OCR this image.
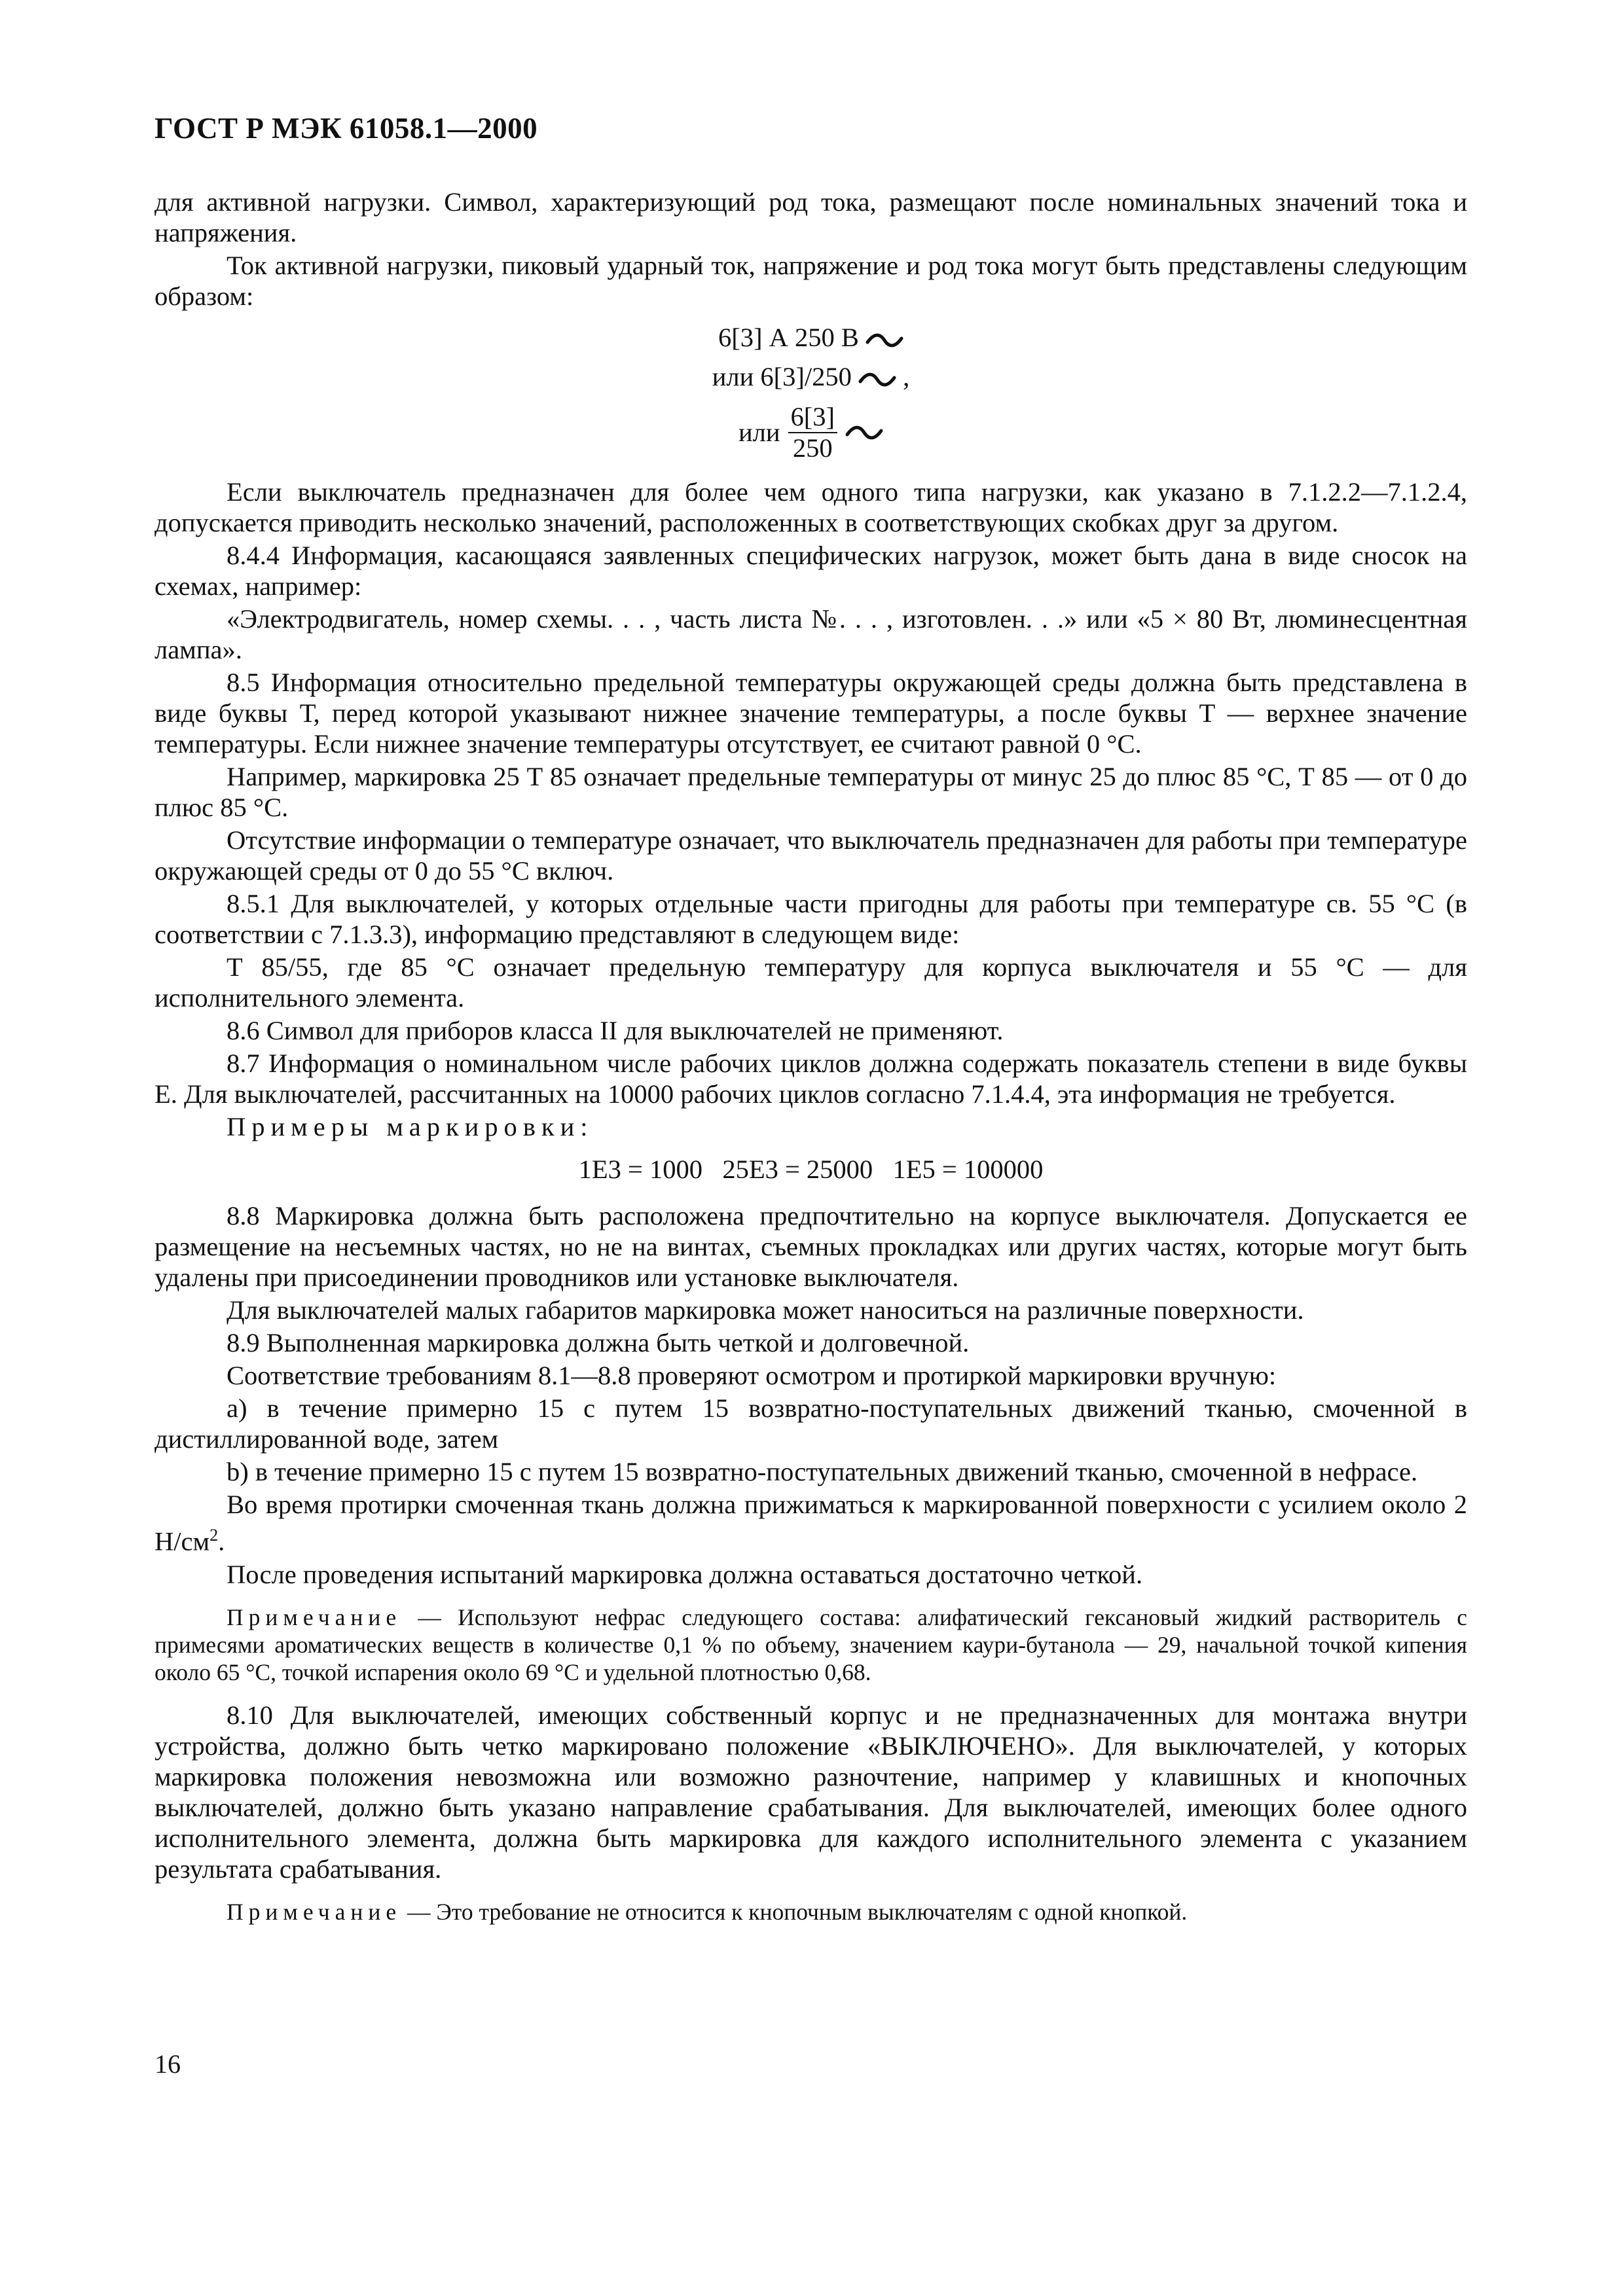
ГОСТ Р МЭК 61058.1—2000

для активной нагрузки. Символ, характеризующий род тока, размещают после номинальных значений тока и напряжения.

Ток активной нагрузки, пиковый ударный ток, напряжение и род тока могут быть представлены следующим образом:

6[3] А 250 В
или 6[3]/250 ,
или $\frac{6[3]}{250}$

Если выключатель предназначен для более чем одного типа нагрузки, как указано в 7.1.2.2—7.1.2.4, допускается приводить несколько значений, расположенных в соответствующих скобках друг за другом.

8.4.4 Информация, касающаяся заявленных специфических нагрузок, может быть дана в виде сносок на схемах, например:

«Электродвигатель, номер схемы. . . , часть листа №. . . , изготовлен. . .» или «5 × 80 Вт, люминесцентная лампа».

8.5 Информация относительно предельной температуры окружающей среды должна быть представлена в виде буквы Т, перед которой указывают нижнее значение температуры, а после буквы Т — верхнее значение температуры. Если нижнее значение температуры отсутствует, ее считают равной 0 °С.

Например, маркировка 25 Т 85 означает предельные температуры от минус 25 до плюс 85 °С, Т 85 — от 0 до плюс 85 °С.

Отсутствие информации о температуре означает, что выключатель предназначен для работы при температуре окружающей среды от 0 до 55 °С включ.

8.5.1 Для выключателей, у которых отдельные части пригодны для работы при температуре св. 55 °С (в соответствии с 7.1.3.3), информацию представляют в следующем виде:

Т 85/55, где 85 °С означает предельную температуру для корпуса выключателя и 55 °С — для исполнительного элемента.

8.6 Символ для приборов класса II для выключателей не применяют.

8.7 Информация о номинальном числе рабочих циклов должна содержать показатель степени в виде буквы Е. Для выключателей, рассчитанных на 10000 рабочих циклов согласно 7.1.4.4, эта информация не требуется.

Примеры маркировки:

1Е3 = 1000   25Е3 = 25000   1Е5 = 100000

8.8 Маркировка должна быть расположена предпочтительно на корпусе выключателя. Допускается ее размещение на несъемных частях, но не на винтах, съемных прокладках или других частях, которые могут быть удалены при присоединении проводников или установке выключателя.

Для выключателей малых габаритов маркировка может наноситься на различные поверхности.

8.9 Выполненная маркировка должна быть четкой и долговечной.

Соответствие требованиям 8.1—8.8 проверяют осмотром и протиркой маркировки вручную:

a) в течение примерно 15 с путем 15 возвратно-поступательных движений тканью, смоченной в дистиллированной воде, затем

b) в течение примерно 15 с путем 15 возвратно-поступательных движений тканью, смоченной в нефрасе.

Во время протирки смоченная ткань должна прижиматься к маркированной поверхности с усилием около 2 $Н/см^2$.

После проведения испытаний маркировка должна оставаться достаточно четкой.

Примечание — Используют нефрас следующего состава: алифатический гексановый жидкий растворитель с примесями ароматических веществ в количестве 0,1 % по объему, значением каури-бутанола — 29, начальной точкой кипения около 65 °С, точкой испарения около 69 °С и удельной плотностью 0,68.

8.10 Для выключателей, имеющих собственный корпус и не предназначенных для монтажа внутри устройства, должно быть четко маркировано положение «ВЫКЛЮЧЕНО». Для выключателей, у которых маркировка положения невозможна или возможно разночтение, например у клавишных и кнопочных выключателей, должно быть указано направление срабатывания. Для выключателей, имеющих более одного исполнительного элемента, должна быть маркировка для каждого исполнительного элемента с указанием результата срабатывания.

Примечание — Это требование не относится к кнопочным выключателям с одной кнопкой.

16
